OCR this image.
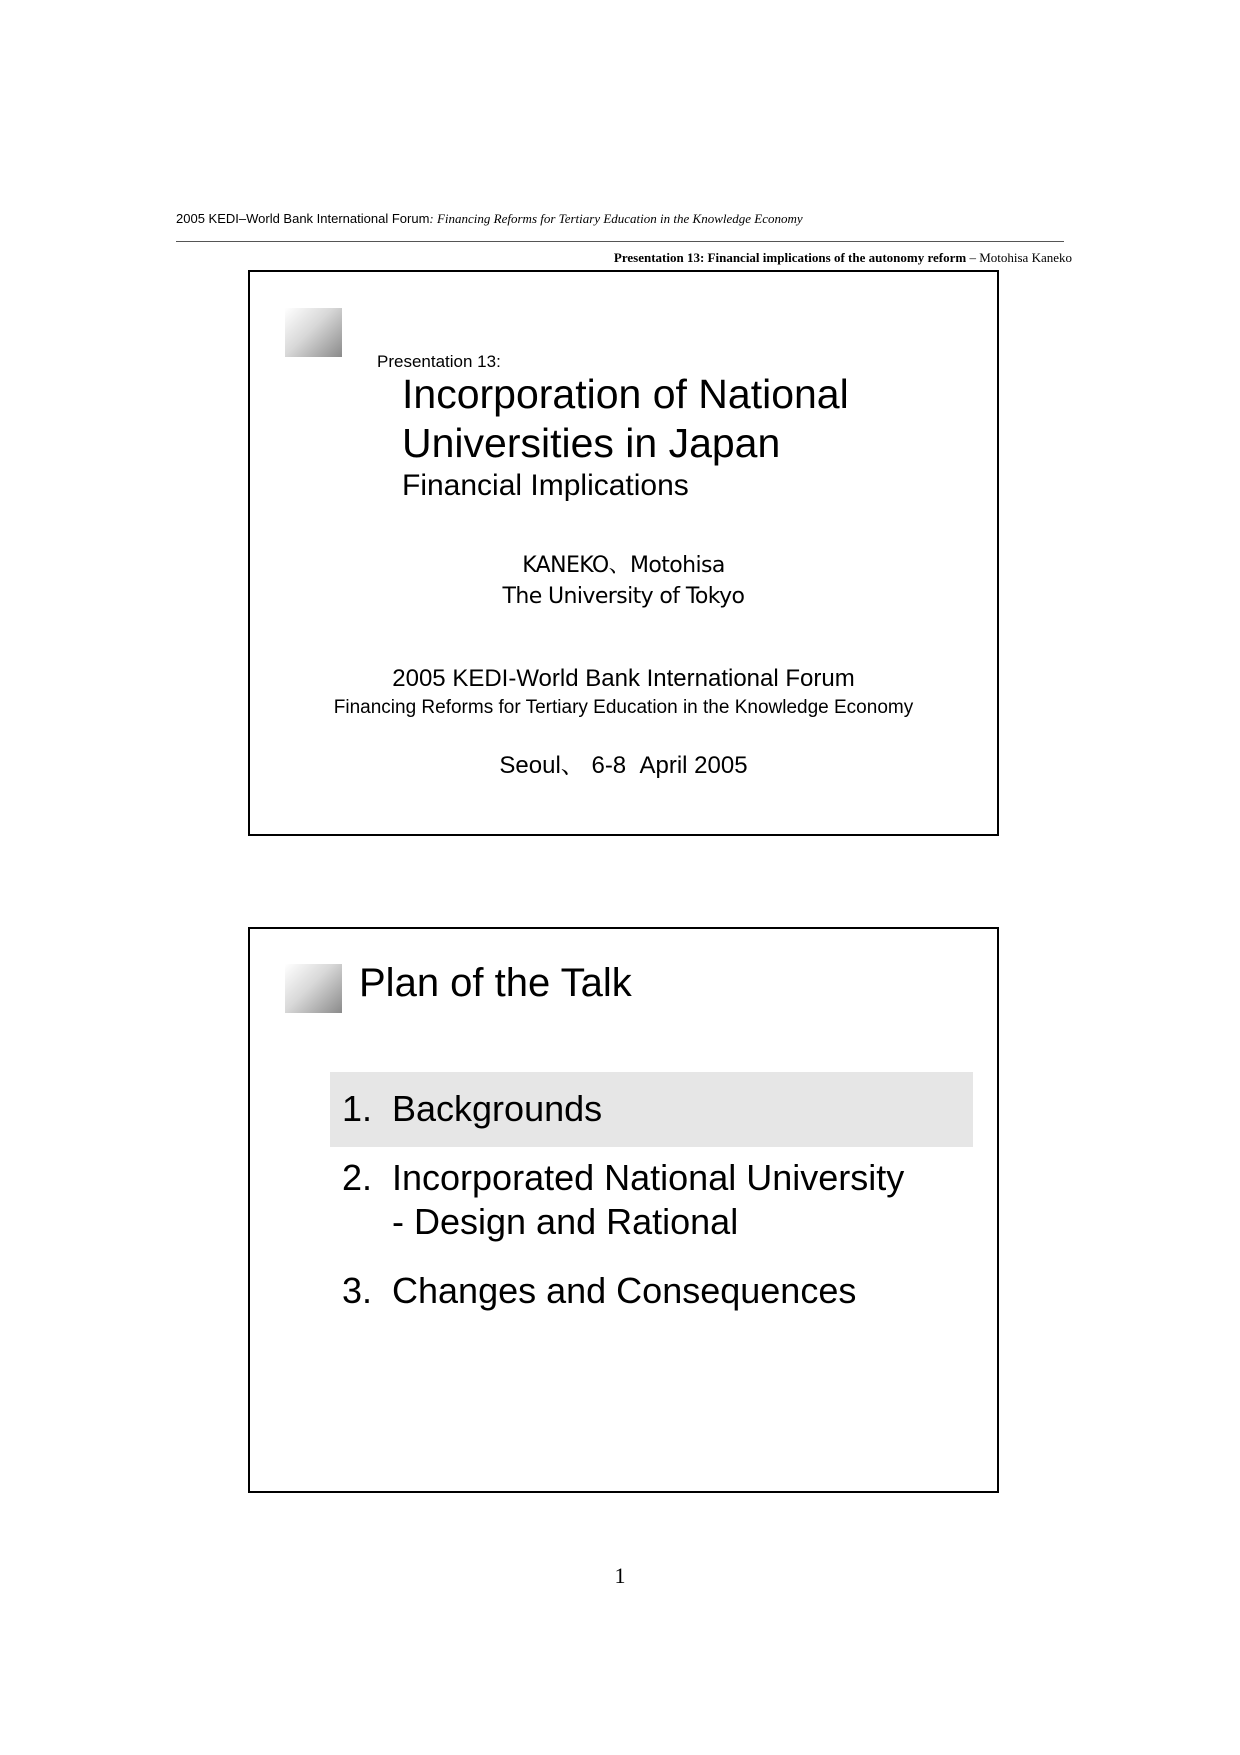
2005 KEDI–World Bank International Forum: Financing Reforms for Tertiary Education in the Knowledge Economy
Presentation 13: Financial implications of the autonomy reform – Motohisa Kaneko
Presentation 13:
Incorporation of National
Universities in Japan
Financial Implications
KANEKO、Motohisa
The University of Tokyo
2005 KEDI-World Bank International Forum
Financing Reforms for Tertiary Education in the Knowledge Economy
Seoul、 6-8  April 2005
Plan of the Talk
1. Backgrounds
2. Incorporated National University
- Design and Rational
3. Changes and Consequences
1
